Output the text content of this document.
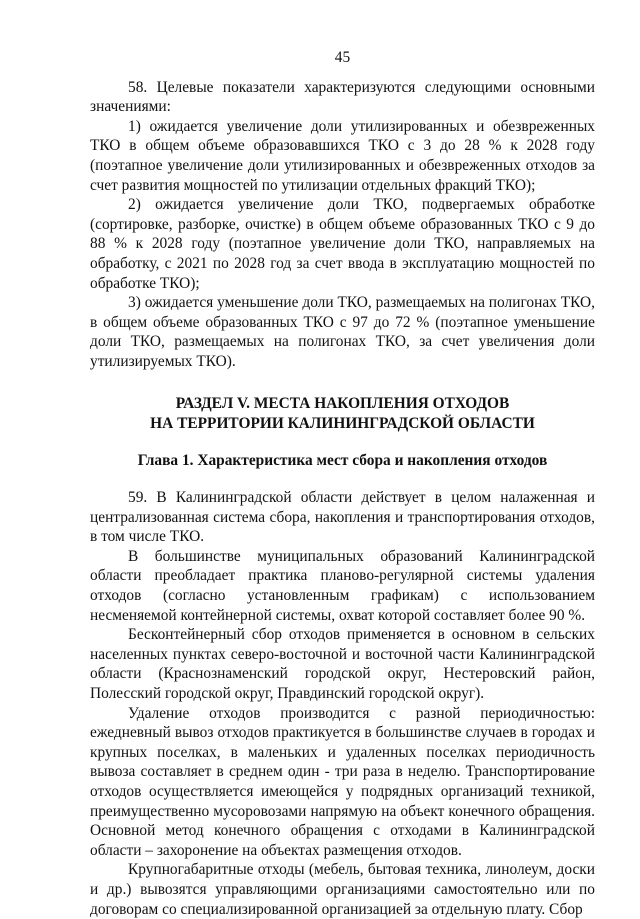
45

58. Целевые показатели характеризуются следующими основными значениями:

1) ожидается увеличение доли утилизированных и обезвреженных ТКО в общем объеме образовавшихся ТКО с 3 до 28 % к 2028 году (поэтапное увеличение доли утилизированных и обезвреженных отходов за счет развития мощностей по утилизации отдельных фракций ТКО);

2) ожидается увеличение доли ТКО, подвергаемых обработке (сортировке, разборке, очистке) в общем объеме образованных ТКО с 9 до 88 % к 2028 году (поэтапное увеличение доли ТКО, направляемых на обработку, с 2021 по 2028 год за счет ввода в эксплуатацию мощностей по обработке ТКО);

3) ожидается уменьшение доли ТКО, размещаемых на полигонах ТКО, в общем объеме образованных ТКО с 97 до 72 % (поэтапное уменьшение доли ТКО, размещаемых на полигонах ТКО, за счет увеличения доли утилизируемых ТКО).

РАЗДЕЛ V. МЕСТА НАКОПЛЕНИЯ ОТХОДОВ
НА ТЕРРИТОРИИ КАЛИНИНГРАДСКОЙ ОБЛАСТИ
Глава 1. Характеристика мест сбора и накопления отходов

59. В Калининградской области действует в целом налаженная и централизованная система сбора, накопления и транспортирования отходов, в том числе ТКО.

В большинстве муниципальных образований Калининградской области преобладает практика планово-регулярной системы удаления отходов (согласно установленным графикам) с использованием несменяемой контейнерной системы, охват которой составляет более 90 %.

Бесконтейнерный сбор отходов применяется в основном в сельских населенных пунктах северо-восточной и восточной части Калининградской области (Краснознаменский городской округ, Нестеровский район, Полесский городской округ, Правдинский городской округ).

Удаление отходов производится с разной периодичностью: ежедневный вывоз отходов практикуется в большинстве случаев в городах и крупных поселках, в маленьких и удаленных поселках периодичность вывоза составляет в среднем один - три раза в неделю. Транспортирование отходов осуществляется имеющейся у подрядных организаций техникой, преимущественно мусоровозами напрямую на объект конечного обращения. Основной метод конечного обращения с отходами в Калининградской области – захоронение на объектах размещения отходов.

Крупногабаритные отходы (мебель, бытовая техника, линолеум, доски и др.) вывозятся управляющими организациями самостоятельно или по договорам со специализированной организацией за отдельную плату. Сбор
